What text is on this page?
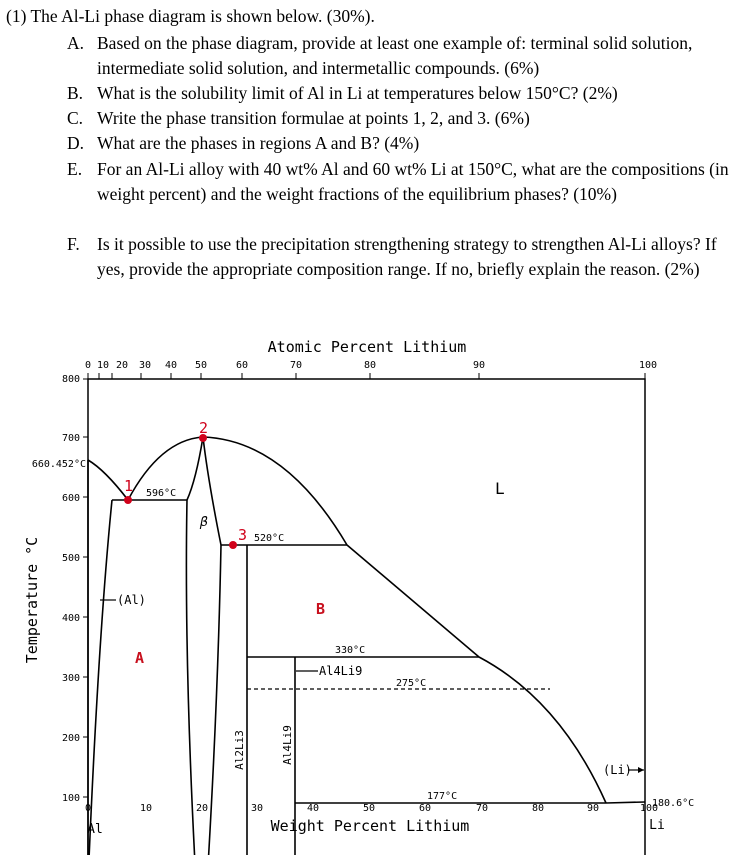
(1) The Al-Li phase diagram is shown below. (30%).
A. Based on the phase diagram, provide at least one example of: terminal solid solution, intermediate solid solution, and intermetallic compounds. (6%)
B. What is the solubility limit of Al in Li at temperatures below 150°C? (2%)
C. Write the phase transition formulae at points 1, 2, and 3. (6%)
D. What are the phases in regions A and B? (4%)
E. For an Al-Li alloy with 40 wt% Al and 60 wt% Li at 150°C, what are the compositions (in weight percent) and the weight fractions of the equilibrium phases? (10%)
F. Is it possible to use the precipitation strengthening strategy to strengthen Al-Li alloys? If yes, provide the appropriate composition range. If no, briefly explain the reason. (2%)
Atomic Percent Lithium
Weight Percent Lithium
Temperature °C
Al	Li
800
700
600
500
400
300
200
100
660.452°C
0	10	20	30	40	50	60	70	80	90	100
0 10 20 30 40 50	60	70	80	90	100
596°C
520°C
330°C
275°C
177°C
180.6°C
L
β
(Al)
(Li)
Al4Li9
Al2Li3	Al4Li9
1
2
3
A
B
